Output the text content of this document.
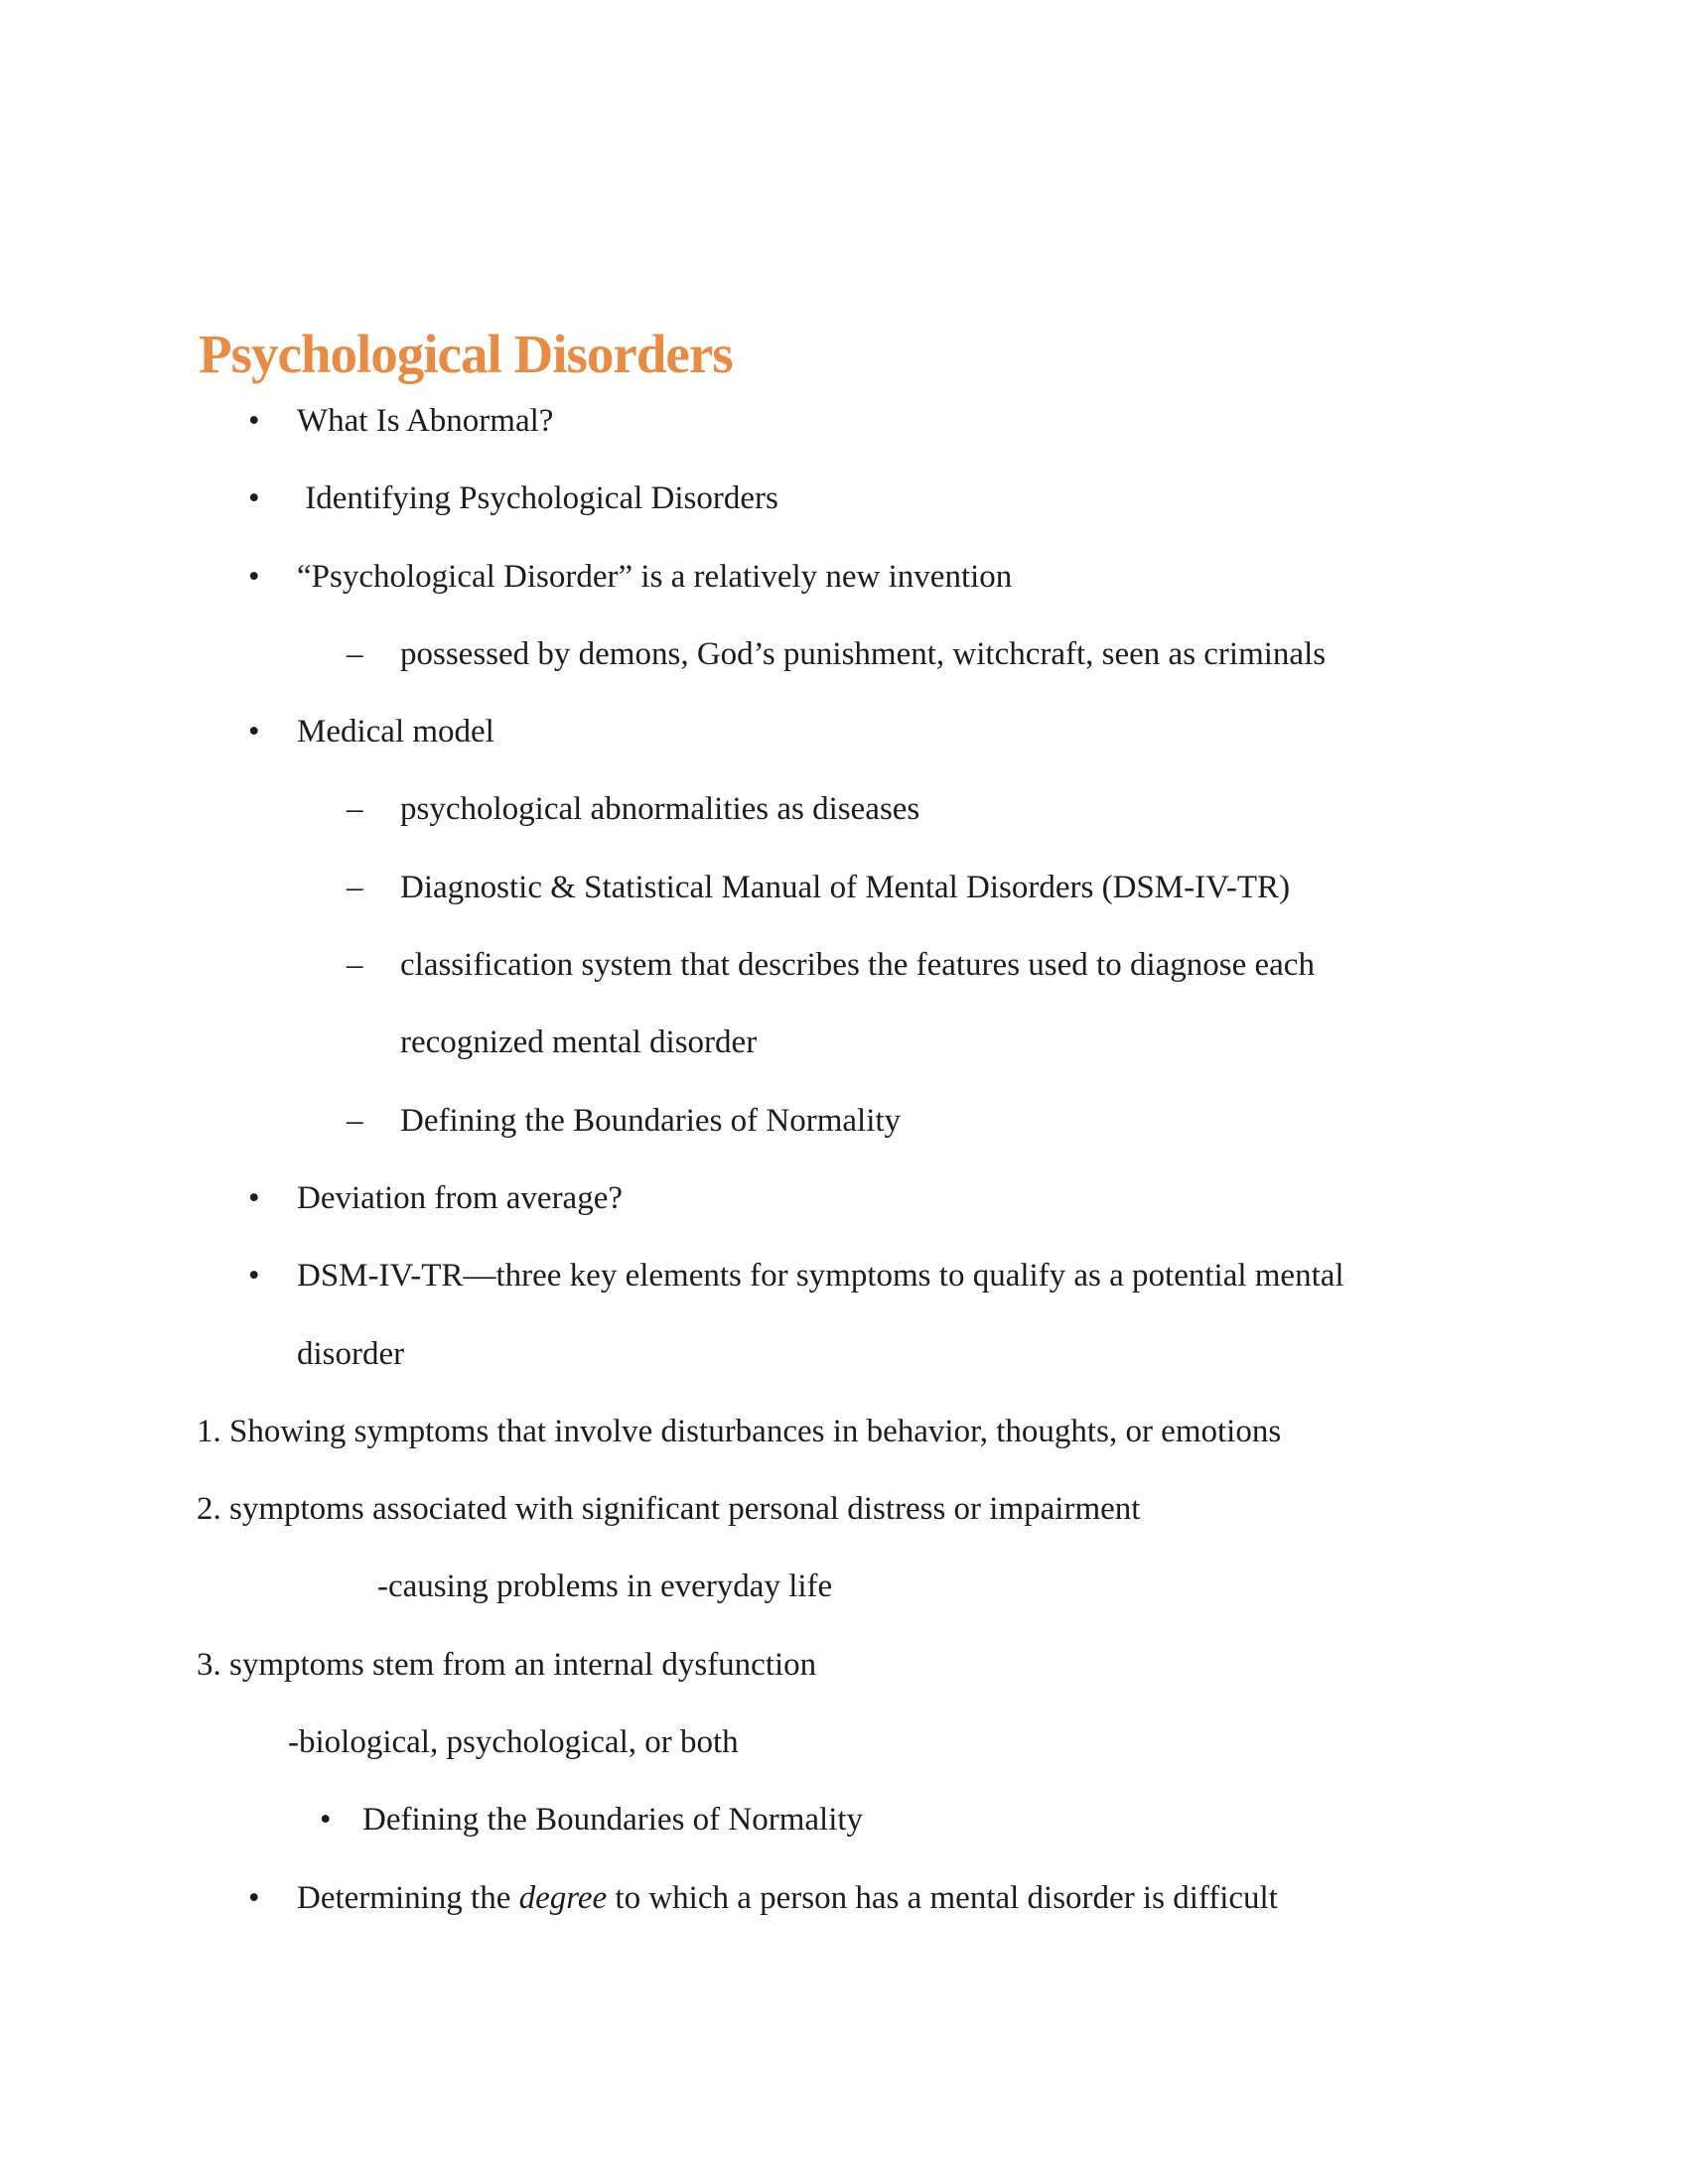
Psychological Disorders
• What Is Abnormal?
• Identifying Psychological Disorders
• “Psychological Disorder” is a relatively new invention
– possessed by demons, God’s punishment, witchcraft, seen as criminals
• Medical model
– psychological abnormalities as diseases
– Diagnostic & Statistical Manual of Mental Disorders (DSM-IV-TR)
– classification system that describes the features used to diagnose each
recognized mental disorder
– Defining the Boundaries of Normality
• Deviation from average?
• DSM-IV-TR—three key elements for symptoms to qualify as a potential mental
disorder
1. Showing symptoms that involve disturbances in behavior, thoughts, or emotions
2. symptoms associated with significant personal distress or impairment
-causing problems in everyday life
3. symptoms stem from an internal dysfunction
-biological, psychological, or both
• Defining the Boundaries of Normality
• Determining the degree to which a person has a mental disorder is difficult
